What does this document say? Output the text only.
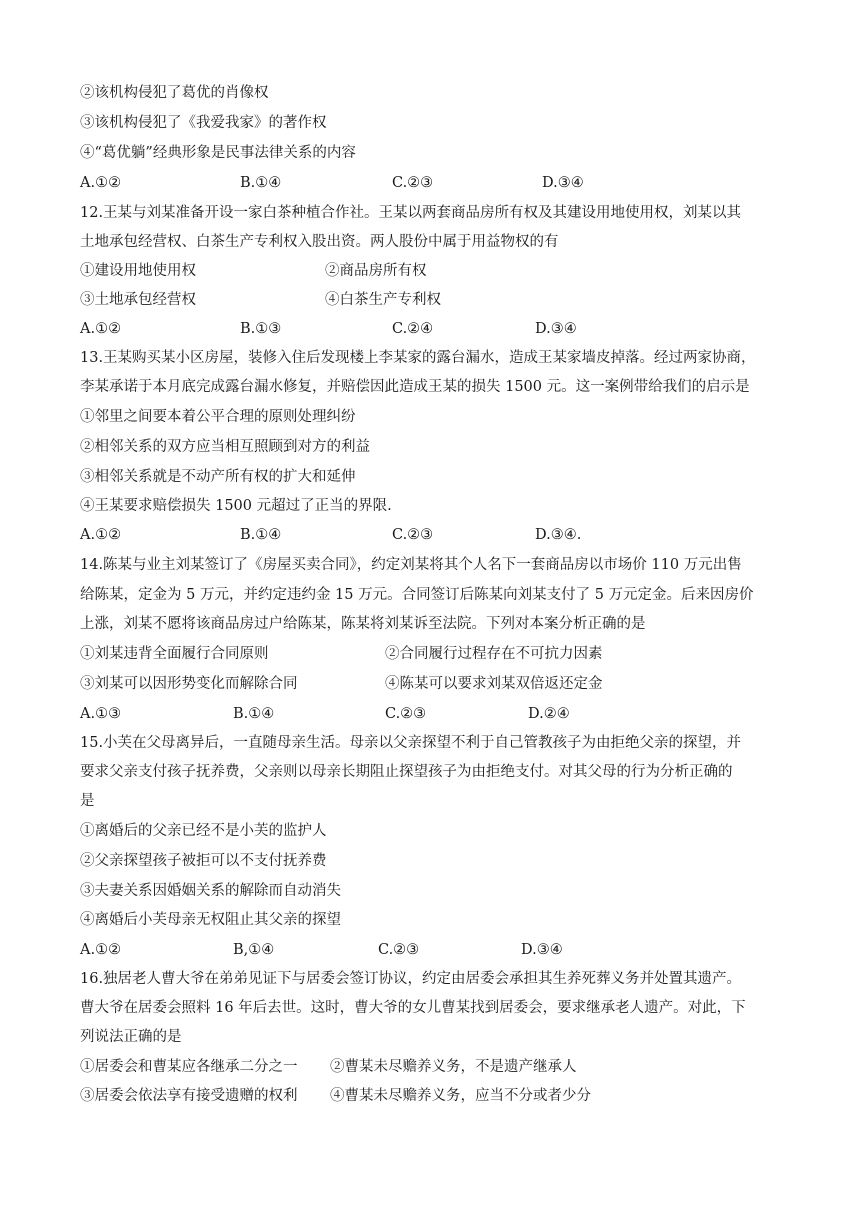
②该机构侵犯了葛优的肖像权
③该机构侵犯了《我爱我家》的著作权
④“葛优躺”经典形象是民事法律关系的内容
A.①②	B.①④	C.②③	D.③④
12.王某与刘某准备开设一家白茶种植合作社。王某以两套商品房所有权及其建设用地使用权，刘某以其
土地承包经营权、白茶生产专利权入股出资。两人股份中属于用益物权的有
①建设用地使用权	②商品房所有权
③土地承包经营权	④白茶生产专利权
A.①②	B.①③	C.②④	D.③④
13.王某购买某小区房屋，装修入住后发现楼上李某家的露台漏水，造成王某家墙皮掉落。经过两家协商，
李某承诺于本月底完成露台漏水修复，并赔偿因此造成王某的损失 1500 元。这一案例带给我们的启示是
①邻里之间要本着公平合理的原则处理纠纷
②相邻关系的双方应当相互照顾到对方的利益
③相邻关系就是不动产所有权的扩大和延伸
④王某要求赔偿损失 1500 元超过了正当的界限.
A.①②	B.①④	C.②③	D.③④.
14.陈某与业主刘某签订了《房屋买卖合同》，约定刘某将其个人名下一套商品房以市场价 110 万元出售
给陈某，定金为 5 万元，并约定违约金 15 万元。合同签订后陈某向刘某支付了 5 万元定金。后来因房价
上涨，刘某不愿将该商品房过户给陈某，陈某将刘某诉至法院。下列对本案分析正确的是
①刘某违背全面履行合同原则	②合同履行过程存在不可抗力因素
③刘某可以因形势变化而解除合同	④陈某可以要求刘某双倍返还定金
A.①③	B.①④	C.②③	D.②④
15.小芙在父母离异后，一直随母亲生活。母亲以父亲探望不利于自己管教孩子为由拒绝父亲的探望，并
要求父亲支付孩子抚养费，父亲则以母亲长期阻止探望孩子为由拒绝支付。对其父母的行为分析正确的
是
①离婚后的父亲已经不是小芙的监护人
②父亲探望孩子被拒可以不支付抚养费
③夫妻关系因婚姻关系的解除而自动消失
④离婚后小芙母亲无权阻止其父亲的探望
A.①②	B,①④	C.②③	D.③④
16.独居老人曹大爷在弟弟见证下与居委会签订协议，约定由居委会承担其生养死葬义务并处置其遗产。
曹大爷在居委会照料 16 年后去世。这时，曹大爷的女儿曹某找到居委会，要求继承老人遗产。对此，下
列说法正确的是
①居委会和曹某应各继承二分之一 ②曹某未尽赡养义务，不是遗产继承人
③居委会依法享有接受遗赠的权利 ④曹某未尽赡养义务，应当不分或者少分
